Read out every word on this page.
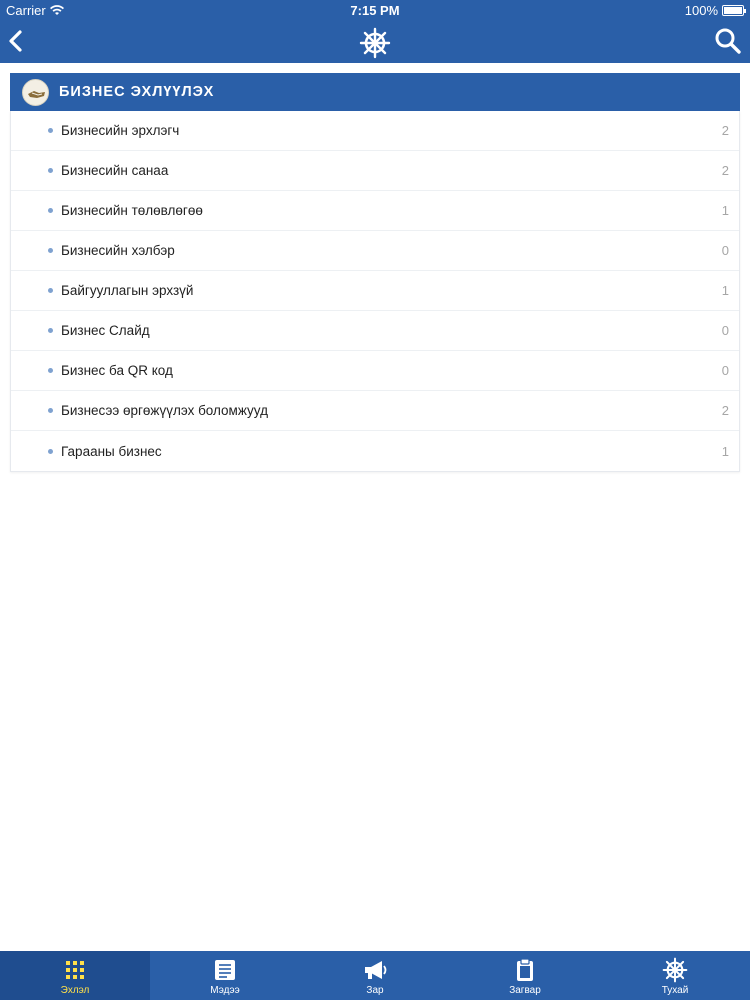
Carrier	7:15 PM	100%
БИЗНЕС ЭХЛҮҮЛЭХ
Бизнесийн эрхлэгч	2
Бизнесийн санаа	2
Бизнесийн төлөвлөгөө	1
Бизнесийн хэлбэр	0
Байгууллагын эрхзүй	1
Бизнес Слайд	0
Бизнес ба QR код	0
Бизнесээ өргөжүүлэх боломжууд	2
Гарааны бизнес	1
Эхлэл	Мэдээ	Зар	Загвар	Тухай
